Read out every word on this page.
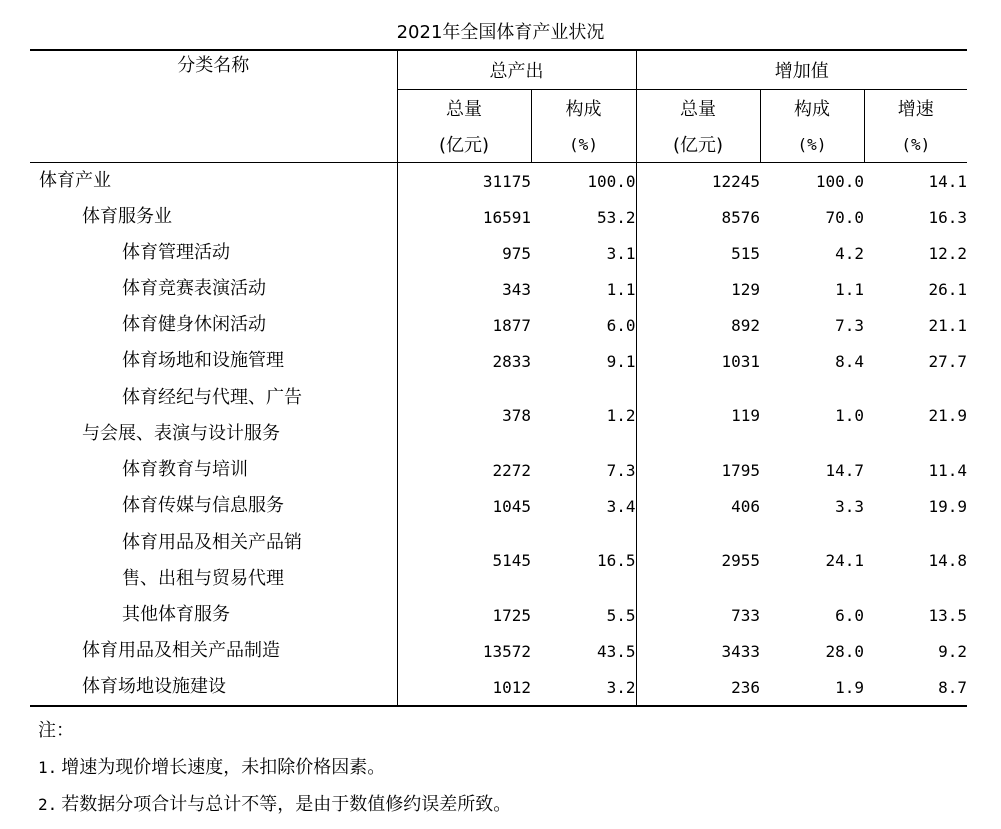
2021年全国体育产业状况
分类名称	总产出		增加值		
	总量	构成	总量	构成	增速
	(亿元)	(%)	(亿元)	(%)	(%)
体育产业	31175	100.0	12245	100.0	14.1
体育服务业	16591	53.2	8576	70.0	16.3
体育管理活动	975	3.1	515	4.2	12.2
体育竞赛表演活动	343	1.1	129	1.1	26.1
体育健身休闲活动	1877	6.0	892	7.3	21.1
体育场地和设施管理	2833	9.1	1031	8.4	27.7

体育经纪与代理、广告
与会展、表演与设计服务	378	1.2	119	1.0	21.9
体育教育与培训	2272	7.3	1795	14.7	11.4
体育传媒与信息服务	1045	3.4	406	3.3	19.9

体育用品及相关产品销
售、出租与贸易代理	5145	16.5	2955	24.1	14.8
其他体育服务	1725	5.5	733	6.0	13.5
体育用品及相关产品制造	13572	43.5	3433	28.0	9.2
体育场地设施建设	1012	3.2	236	1.9	8.7
注：
1. 增速为现价增长速度，未扣除价格因素。
2. 若数据分项合计与总计不等，是由于数值修约误差所致。
